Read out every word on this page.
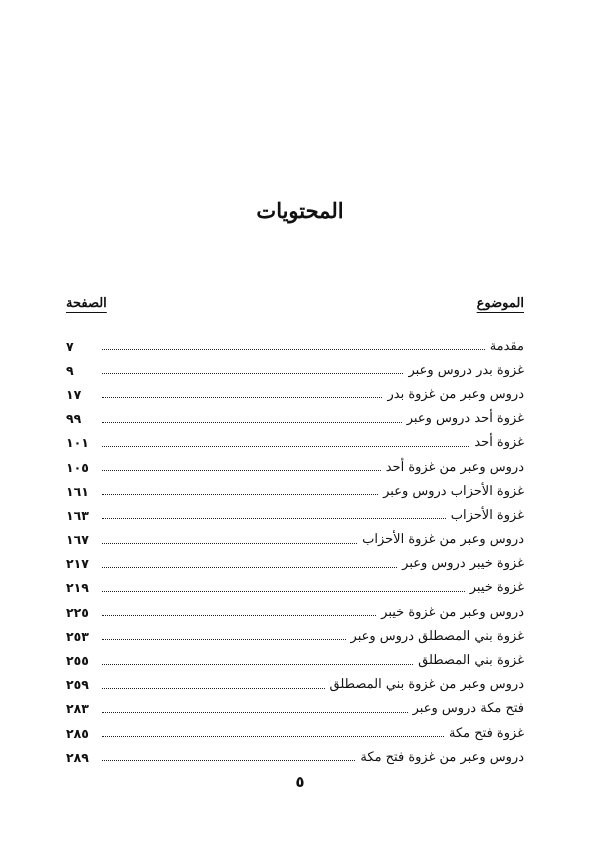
المحتويات
الموضوع
الصفحة
مقدمة
٧
غزوة بدر دروس وعبر
٩
دروس وعبر من غزوة بدر
١٧
غزوة أحد دروس وعبر
٩٩
غزوة أحد
١٠١
دروس وعبر من غزوة أحد
١٠٥
غزوة الأحزاب دروس وعبر
١٦١
غزوة الأحزاب
١٦٣
دروس وعبر من غزوة الأحزاب
١٦٧
غزوة خيبر دروس وعبر
٢١٧
غزوة خيبر
٢١٩
دروس وعبر من غزوة خيبر
٢٢٥
غزوة بني المصطلق دروس وعبر
٢٥٣
غزوة بني المصطلق
٢٥٥
دروس وعبر من غزوة بني المصطلق
٢٥٩
فتح مكة دروس وعبر
٢٨٣
غزوة فتح مكة
٢٨٥
دروس وعبر من غزوة فتح مكة
٢٨٩
٥
